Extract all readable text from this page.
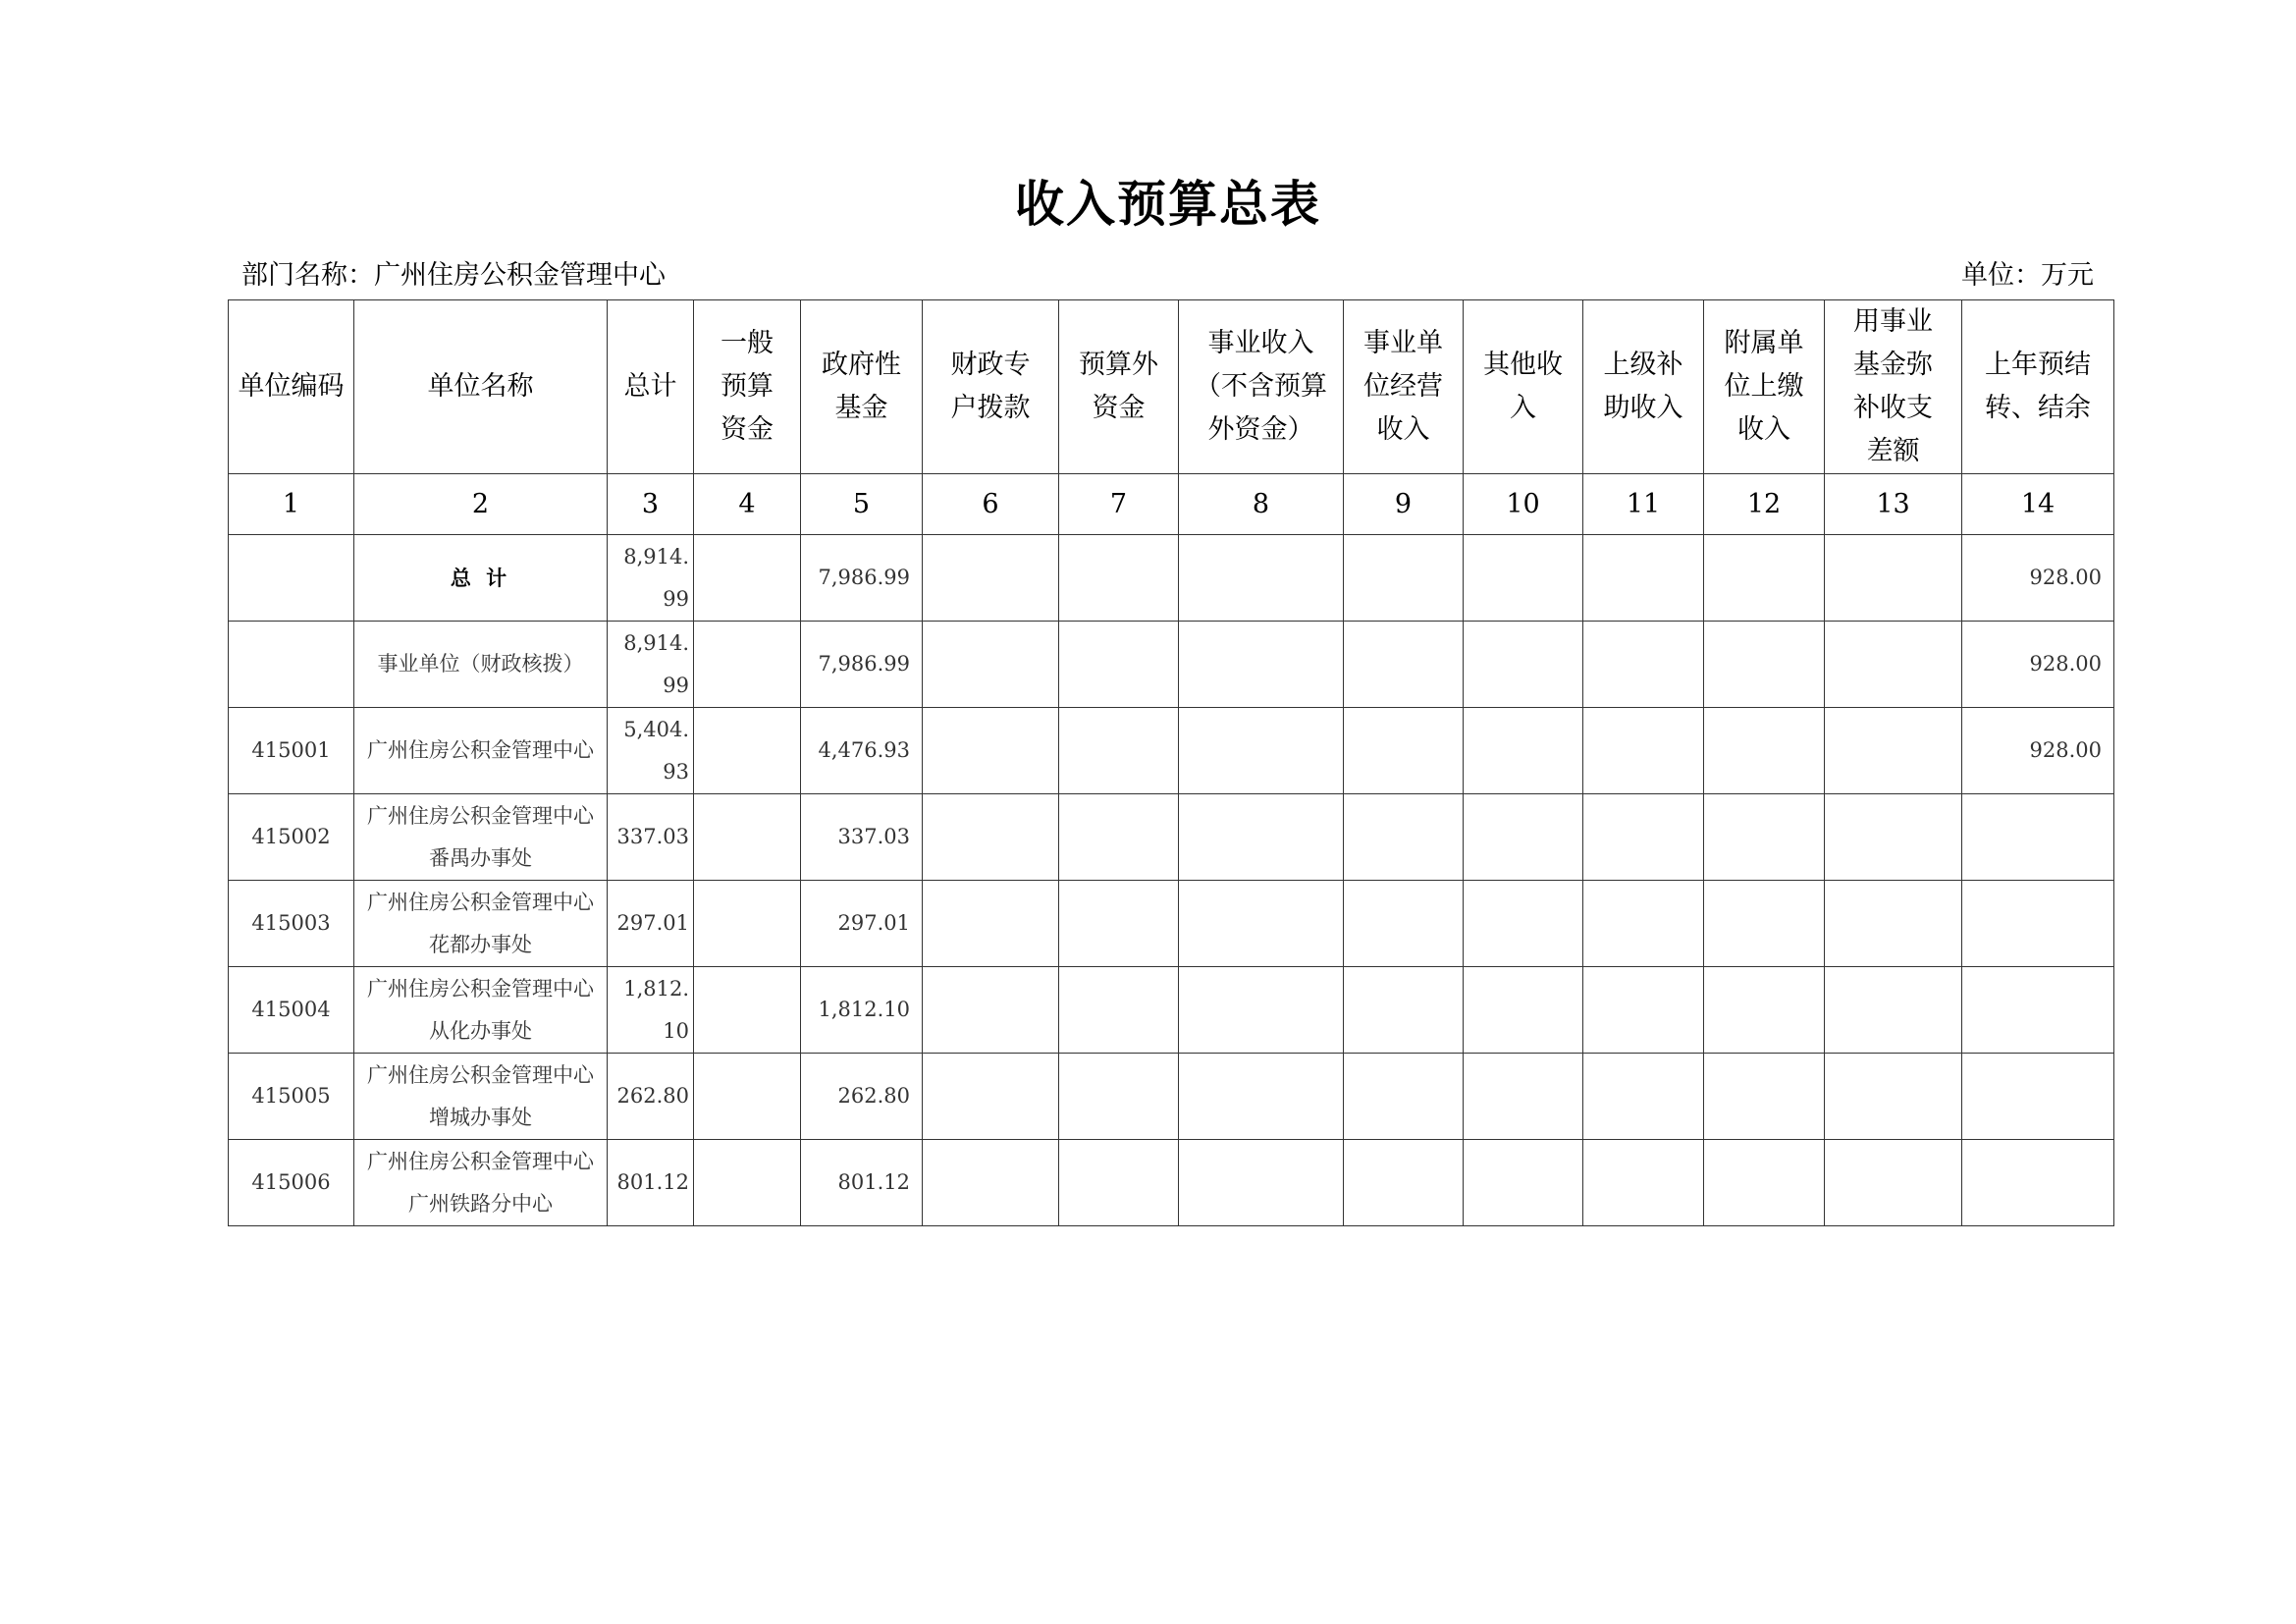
收入预算总表
部门名称：广州住房公积金管理中心	单位：万元
单位编码	单位名称	总计	一般预算资金	政府性基金	财政专户拨款	预算外资金	事业收入（不含预算外资金）	事业单位经营收入	其他收入	上级补助收入	附属单位上缴收入	用事业基金弥补收支差额	上年预结转、结余
1	2	3	4	5	6	7	8	9	10	11	12	13	14
	总 计	8,914.99		7,986.99									928.00
	事业单位（财政核拨）	8,914.99		7,986.99									928.00
415001	广州住房公积金管理中心	5,404.93		4,476.93									928.00
415002	广州住房公积金管理中心番禺办事处	337.03		337.03									
415003	广州住房公积金管理中心花都办事处	297.01		297.01									
415004	广州住房公积金管理中心从化办事处	1,812.10		1,812.10									
415005	广州住房公积金管理中心增城办事处	262.80		262.80									
415006	广州住房公积金管理中心广州铁路分中心	801.12		801.12									
